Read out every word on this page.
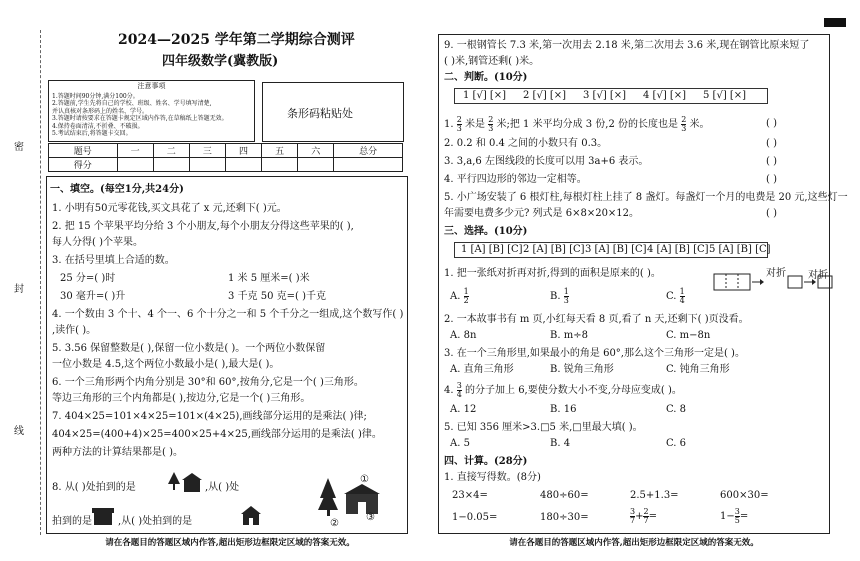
密
封
线
2024—2025 学年第二学期综合测评
四年级数学(冀教版)
注意事项
1.答题时间90分钟,满分100分。
2.答题前,学生先将自己的学校、班级、姓名、学号填写清楚,
并认真核对条形码上的姓名、学号。
3.答题时请按要求在答题卡规定区域内作答,在草稿纸上答题无效。
4.保持卷面清洁,不折叠、不破损。
5.考试结束后,将答题卡交回。
条形码粘贴处
题号	一	二	三	四	五	六	总分
得分							
一、填空。(每空1分,共24分)
1. 小明有50元零花钱,买文具花了 x 元,还剩下( )元。
2. 把 15 个苹果平均分给 3 个小朋友,每个小朋友分得这些苹果的( ),
每人分得( )个苹果。
3. 在括号里填上合适的数。
25 分=( )时	1 米 5 厘米=( )米
30 毫升=( )升	3 千克 50 克=( )千克
4. 一个数由 3 个十、4 个一、6 个十分之一和 5 个千分之一组成,这个数写作( )
,读作( )。
5. 3.56 保留整数是( ),保留一位小数是( )。一个两位小数保留
一位小数是 4.5,这个两位小数最小是( ),最大是( )。
6. 一个三角形两个内角分别是 30°和 60°,按角分,它是一个( )三角形。
等边三角形的三个内角都是( ),按边分,它是一个( )三角形。
7. 404×25=101×4×25=101×(4×25),画线部分运用的是乘法( )律;
404×25=(400+4)×25=400×25+4×25,画线部分运用的是乘法( )律。
两种方法的计算结果都是( )。
8. 从( )处拍到的是	,从( )处
拍到的是	,从( )处拍到的是
①
②
③
请在各题目的答题区域内作答,超出矩形边框限定区域的答案无效。
9. 一根钢管长 7.3 米,第一次用去 2.18 米,第二次用去 3.6 米,现在钢管比原来短了
( )米,钢管还剩( )米。
二、判断。(10分)
1 [√] [×] 2 [√] [×] 3 [√] [×] 4 [√] [×] 5 [√] [×]
1. $\frac{2}{3}$ 米是 $\frac{2}{3}$ 米;把 1 米平均分成 3 份,2 份的长度也是 $\frac{2}{3}$ 米。	( )
2. 0.2 和 0.4 之间的小数只有 0.3。	( )
3. 3,a,6 左图线段的长度可以用 3a+6 表示。	( )
4. 平行四边形的邻边一定相等。	( )
5. 小广场安装了 6 根灯柱,每根灯柱上挂了 8 盏灯。每盏灯一个月的电费是 20 元,这些灯一
年需要电费多少元? 列式是 6×8×20×12。	( )
三、选择。(10分)
1 [A] [B] [C] 2 [A] [B] [C] 3 [A] [B] [C] 4 [A] [B] [C] 5 [A] [B] [C]
1. 把一张纸对折再对折,得到的面积是原来的( )。	对折 对折
A. $\frac{1}{2}$	B. $\frac{1}{3}$	C. $\frac{1}{4}$
2. 一本故事书有 m 页,小红每天看 8 页,看了 n 天,还剩下( )页没看。
A. 8n	B. m÷8	C. m−8n
3. 在一个三角形里,如果最小的角是 60°,那么这个三角形一定是( )。
A. 直角三角形	B. 锐角三角形	C. 钝角三角形
4. $\frac{3}{4}$ 的分子加上 6,要使分数大小不变,分母应变成( )。
A. 12	B. 16	C. 8
5. 已知 356 厘米>3.□5 米,□里最大填( )。
A. 5	B. 4	C. 6
四、计算。(28分)
1. 直接写得数。(8分)
23×4=	480÷60=	2.5+1.3=	600×30=
1−0.05=	180÷30=	$\frac{3}{7} + \frac{2}{7}$ =	$1- \frac{3}{5}$ =
请在各题目的答题区域内作答,超出矩形边框限定区域的答案无效。
